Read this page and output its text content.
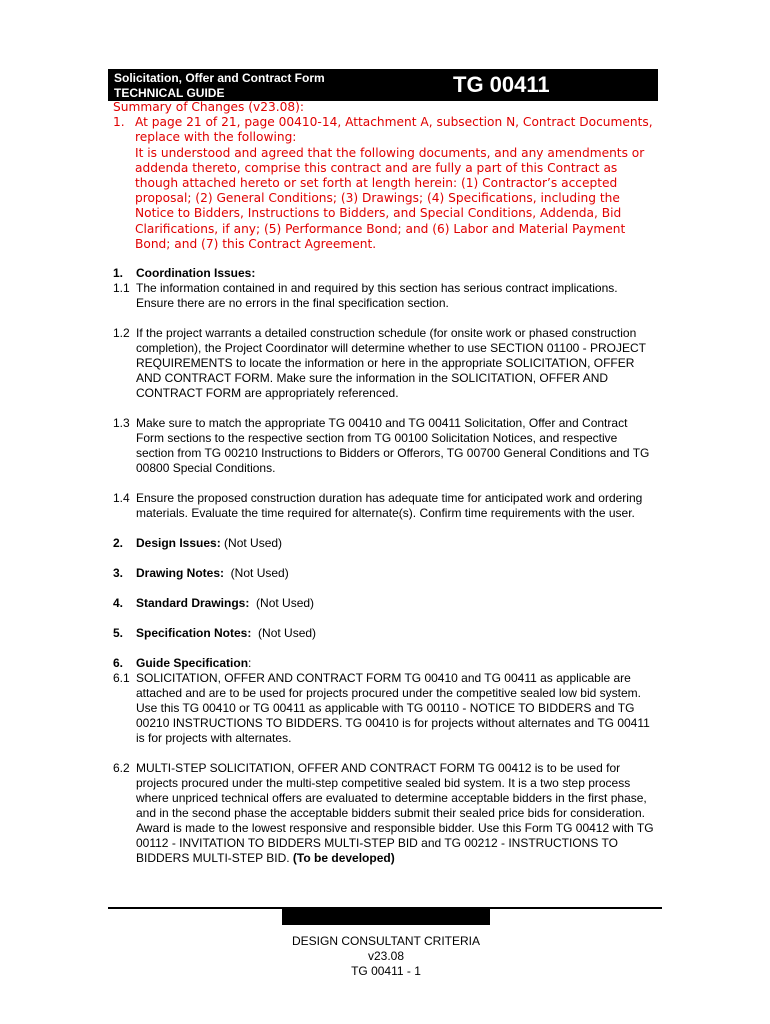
Solicitation, Offer and Contract Form
TECHNICAL GUIDE	TG 00411
Summary of Changes (v23.08):
1. At page 21 of 21, page 00410-14, Attachment A, subsection N, Contract Documents, replace with the following:
It is understood and agreed that the following documents, and any amendments or addenda thereto, comprise this contract and are fully a part of this Contract as though attached hereto or set forth at length herein: (1) Contractor’s accepted proposal; (2) General Conditions; (3) Drawings; (4) Specifications, including the Notice to Bidders, Instructions to Bidders, and Special Conditions, Addenda, Bid Clarifications, if any; (5) Performance Bond; and (6) Labor and Material Payment Bond; and (7) this Contract Agreement.
1. Coordination Issues:
1.1 The information contained in and required by this section has serious contract implications. Ensure there are no errors in the final specification section.
1.2 If the project warrants a detailed construction schedule (for onsite work or phased construction completion), the Project Coordinator will determine whether to use SECTION 01100 - PROJECT REQUIREMENTS to locate the information or here in the appropriate SOLICITATION, OFFER AND CONTRACT FORM. Make sure the information in the SOLICITATION, OFFER AND CONTRACT FORM are appropriately referenced.
1.3 Make sure to match the appropriate TG 00410 and TG 00411 Solicitation, Offer and Contract Form sections to the respective section from TG 00100 Solicitation Notices, and respective section from TG 00210 Instructions to Bidders or Offerors, TG 00700 General Conditions and TG 00800 Special Conditions.
1.4 Ensure the proposed construction duration has adequate time for anticipated work and ordering materials. Evaluate the time required for alternate(s). Confirm time requirements with the user.
2. Design Issues: (Not Used)
3. Drawing Notes:  (Not Used)
4. Standard Drawings:  (Not Used)
5. Specification Notes:  (Not Used)
6. Guide Specification:
6.1 SOLICITATION, OFFER AND CONTRACT FORM TG 00410 and TG 00411 as applicable are attached and are to be used for projects procured under the competitive sealed low bid system. Use this TG 00410 or TG 00411 as applicable with TG 00110 - NOTICE TO BIDDERS and TG 00210 INSTRUCTIONS TO BIDDERS. TG 00410 is for projects without alternates and TG 00411 is for projects with alternates.
6.2 MULTI-STEP SOLICITATION, OFFER AND CONTRACT FORM TG 00412 is to be used for projects procured under the multi-step competitive sealed bid system. It is a two step process where unpriced technical offers are evaluated to determine acceptable bidders in the first phase, and in the second phase the acceptable bidders submit their sealed price bids for consideration. Award is made to the lowest responsive and responsible bidder. Use this Form TG 00412 with TG 00112 - INVITATION TO BIDDERS MULTI-STEP BID and TG 00212 - INSTRUCTIONS TO BIDDERS MULTI-STEP BID. (To be developed)
DESIGN CONSULTANT CRITERIA
v23.08
TG 00411 - 1
